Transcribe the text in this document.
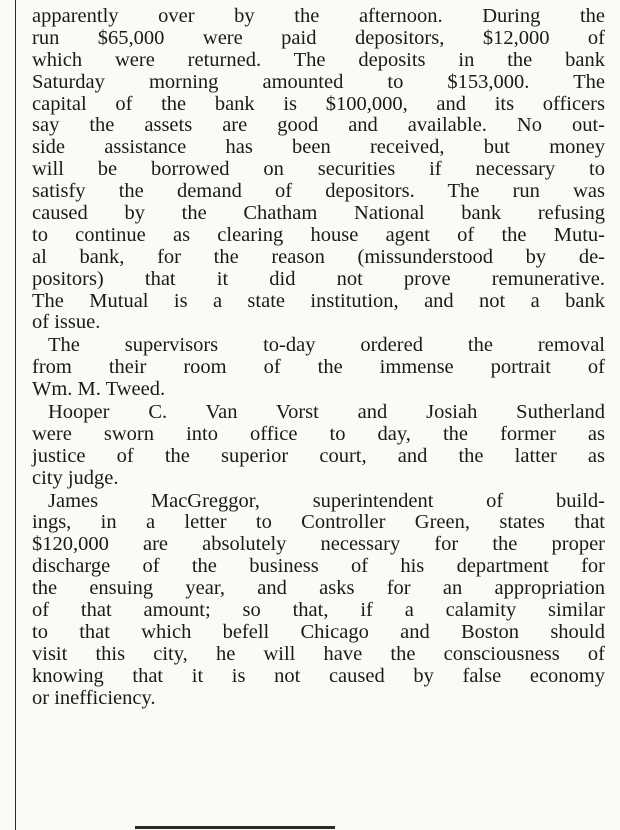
apparently over by the afternoon. During the
run $65,000 were paid depositors, $12,000 of
which were returned. The deposits in the bank
Saturday morning amounted to $153,000. The
capital of the bank is $100,000, and its officers
say the assets are good and available. No out-
side assistance has been received, but money
will be borrowed on securities if necessary to
satisfy the demand of depositors. The run was
caused by the Chatham National bank refusing
to continue as clearing house agent of the Mutu-
al bank, for the reason (missunderstood by de-
positors) that it did not prove remunerative.
The Mutual is a state institution, and not a bank
of issue.
The supervisors to-day ordered the removal
from their room of the immense portrait of
Wm. M. Tweed.
Hooper C. Van Vorst and Josiah Sutherland
were sworn into office to day, the former as
justice of the superior court, and the latter as
city judge.
James MacGreggor, superintendent of build-
ings, in a letter to Controller Green, states that
$120,000 are absolutely necessary for the proper
discharge of the business of his department for
the ensuing year, and asks for an appropriation
of that amount; so that, if a calamity similar
to that which befell Chicago and Boston should
visit this city, he will have the consciousness of
knowing that it is not caused by false economy
or inefficiency.
